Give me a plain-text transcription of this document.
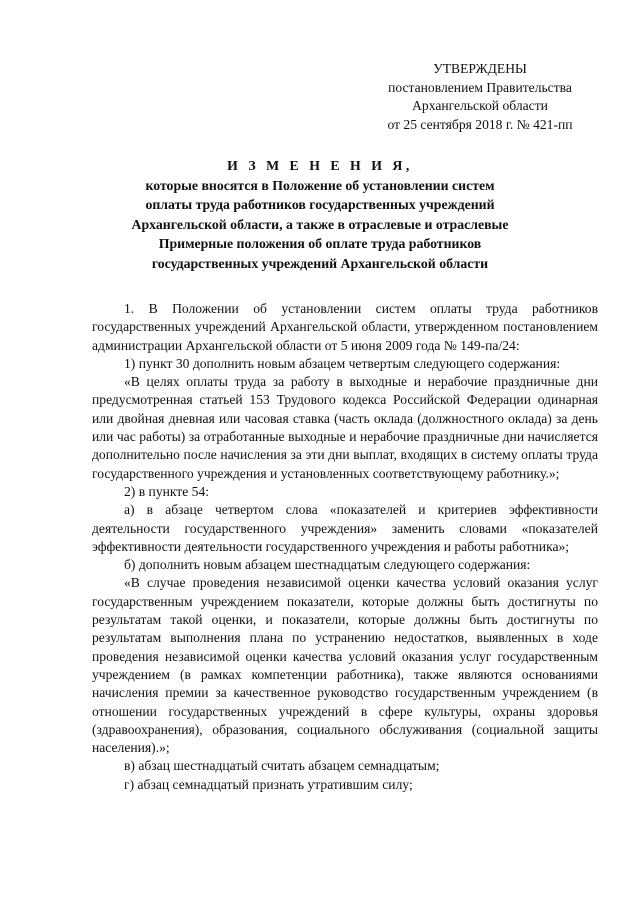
УТВЕРЖДЕНЫ
постановлением Правительства
Архангельской области
от 25 сентября 2018 г. № 421-пп
И З М Е Н Е Н И Я,
которые вносятся в Положение об установлении систем
оплаты труда работников государственных учреждений
Архангельской области, а также в отраслевые и отраслевые
Примерные положения об оплате труда работников
государственных учреждений Архангельской области

1. В Положении об установлении систем оплаты труда работников государственных учреждений Архангельской области, утвержденном постановлением администрации Архангельской области от 5 июня 2009 года № 149-па/24:

1) пункт 30 дополнить новым абзацем четвертым следующего содержания:

«В целях оплаты труда за работу в выходные и нерабочие праздничные дни предусмотренная статьей 153 Трудового кодекса Российской Федерации одинарная или двойная дневная или часовая ставка (часть оклада (должностного оклада) за день или час работы) за отработанные выходные и нерабочие праздничные дни начисляется дополнительно после начисления за эти дни выплат, входящих в систему оплаты труда государственного учреждения и установленных соответствующему работнику.»;

2) в пункте 54:

а) в абзаце четвертом слова «показателей и критериев эффективности деятельности государственного учреждения» заменить словами «показателей эффективности деятельности государственного учреждения и работы работника»;

б) дополнить новым абзацем шестнадцатым следующего содержания:

«В случае проведения независимой оценки качества условий оказания услуг государственным учреждением показатели, которые должны быть достигнуты по результатам такой оценки, и показатели, которые должны быть достигнуты по результатам выполнения плана по устранению недостатков, выявленных в ходе проведения независимой оценки качества условий оказания услуг государственным учреждением (в рамках компетенции работника), также являются основаниями начисления премии за качественное руководство государственным учреждением (в отношении государственных учреждений в сфере культуры, охраны здоровья (здравоохранения), образования, социального обслуживания (социальной защиты населения).»;

в) абзац шестнадцатый считать абзацем семнадцатым;

г) абзац семнадцатый признать утратившим силу;
